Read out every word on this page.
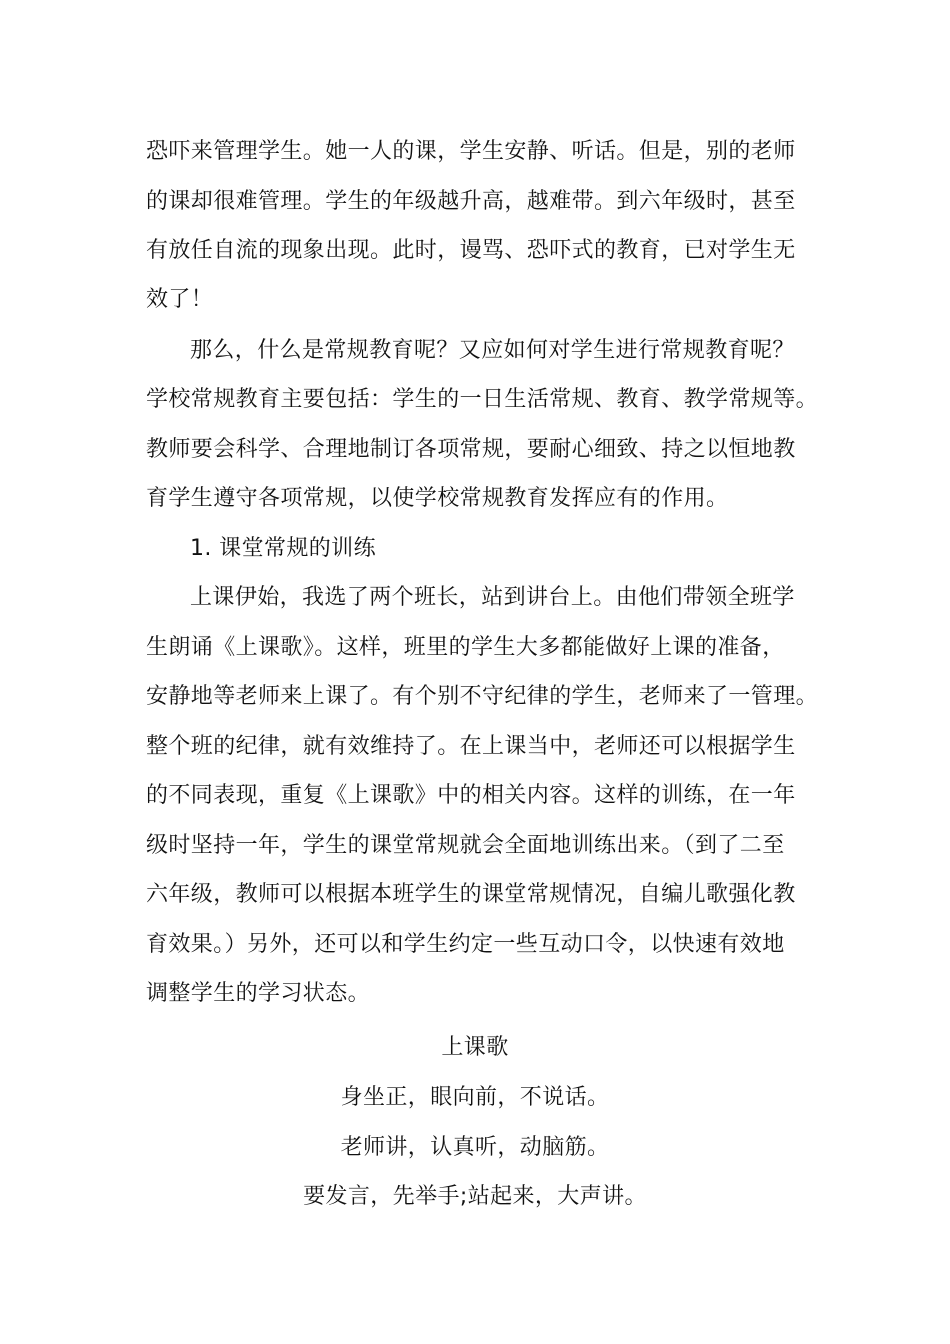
恐吓来管理学生。她一人的课，学生安静、听话。但是，别的老师
的课却很难管理。学生的年级越升高，越难带。到六年级时，甚至
有放任自流的现象出现。此时，谩骂、恐吓式的教育，已对学生无
效了！
那么，什么是常规教育呢？又应如何对学生进行常规教育呢？
学校常规教育主要包括：学生的一日生活常规、教育、教学常规等。
教师要会科学、合理地制订各项常规，要耐心细致、持之以恒地教
育学生遵守各项常规，以使学校常规教育发挥应有的作用。
1. 课堂常规的训练
上课伊始，我选了两个班长，站到讲台上。由他们带领全班学
生朗诵《上课歌》。这样，班里的学生大多都能做好上课的准备，
安静地等老师来上课了。有个别不守纪律的学生，老师来了一管理。
整个班的纪律，就有效维持了。在上课当中，老师还可以根据学生
的不同表现，重复《上课歌》中的相关内容。这样的训练，在一年
级时坚持一年，学生的课堂常规就会全面地训练出来。（到了二至
六年级，教师可以根据本班学生的课堂常规情况，自编儿歌强化教
育效果。）另外，还可以和学生约定一些互动口令，以快速有效地
调整学生的学习状态。
上课歌
身坐正，眼向前，不说话。
老师讲，认真听，动脑筋。
要发言，先举手;站起来，大声讲。
